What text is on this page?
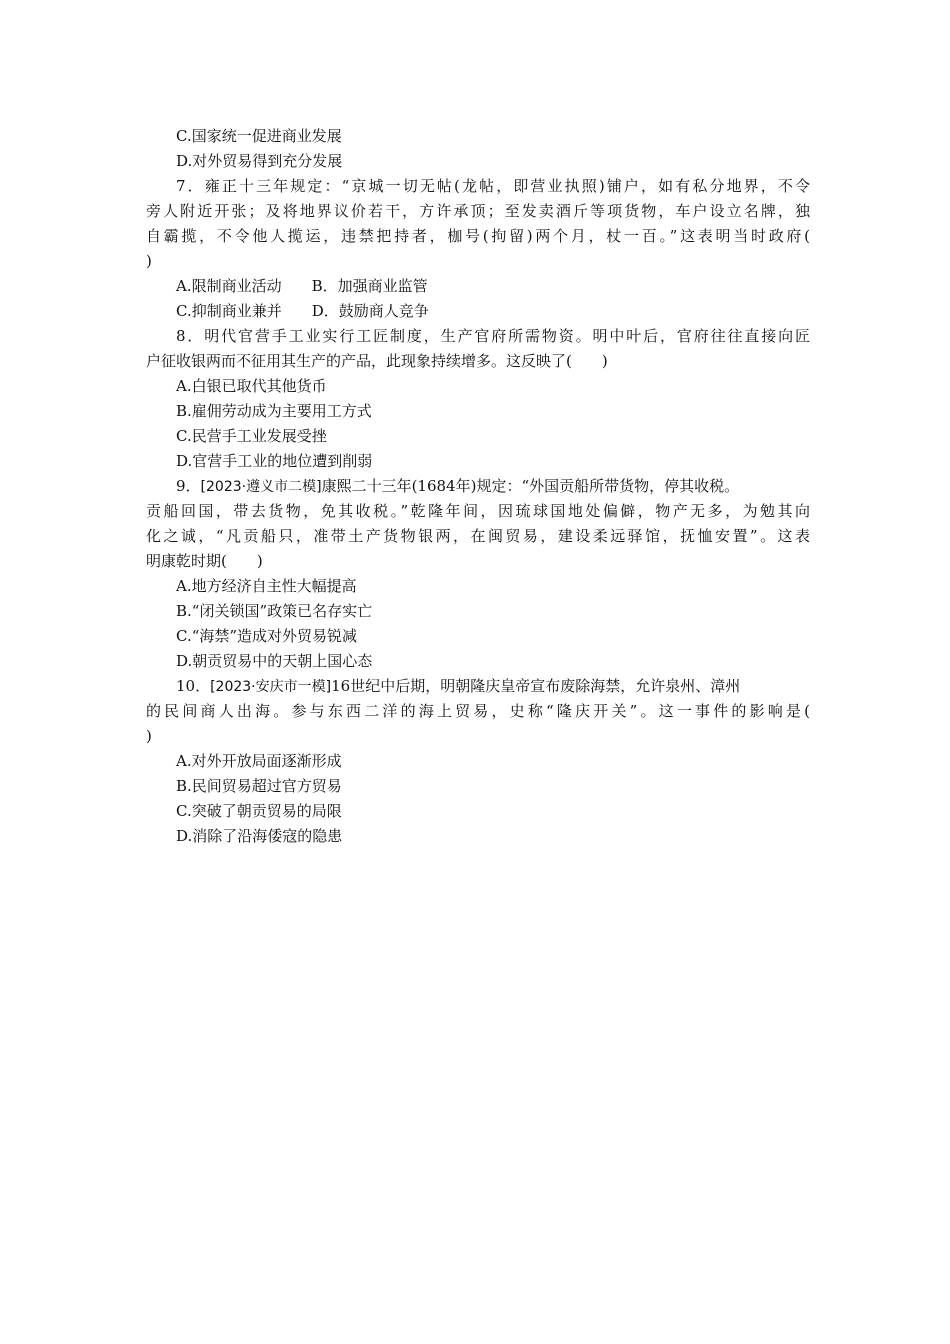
C.国家统一促进商业发展
D.对外贸易得到充分发展
7．雍正十三年规定：“京城一切无帖(龙帖，即营业执照)铺户，如有私分地界，不令
旁人附近开张；及将地界议价若干，方许承顶；至发卖酒斤等项货物，车户设立名牌，独
自霸揽，不令他人揽运，违禁把持者，枷号(拘留)两个月，杖一百。”这表明当时政府(
)
A.限制商业活动 B．加强商业监管
C.抑制商业兼并 D．鼓励商人竞争
8．明代官营手工业实行工匠制度，生产官府所需物资。明中叶后，官府往往直接向匠
户征收银两而不征用其生产的产品，此现象持续增多。这反映了(　　)
A.白银已取代其他货币
B.雇佣劳动成为主要用工方式
C.民营手工业发展受挫
D.官营手工业的地位遭到削弱
9．[2023·遵义市二模]康熙二十三年(1684年)规定：“外国贡船所带货物，停其收税。
贡船回国，带去货物，免其收税。”乾隆年间，因琉球国地处偏僻，物产无多，为勉其向
化之诚，“凡贡船只，准带土产货物银两，在闽贸易，建设柔远驿馆，抚恤安置”。这表
明康乾时期(　　)
A.地方经济自主性大幅提高
B.“闭关锁国”政策已名存实亡
C.“海禁”造成对外贸易锐减
D.朝贡贸易中的天朝上国心态
10．[2023·安庆市一模]16世纪中后期，明朝隆庆皇帝宣布废除海禁，允许泉州、漳州
的民间商人出海。参与东西二洋的海上贸易，史称“隆庆开关”。这一事件的影响是(
)
A.对外开放局面逐渐形成
B.民间贸易超过官方贸易
C.突破了朝贡贸易的局限
D.消除了沿海倭寇的隐患
